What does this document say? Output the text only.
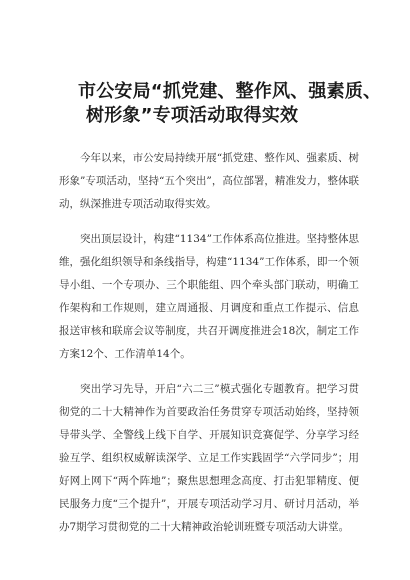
市公安局“抓党建、整作风、强素质、
树形象”专项活动取得实效

今年以来，市公安局持续开展“抓党建、整作风、强素质、树形象”专项活动，坚持“五个突出”，高位部署，精准发力，整体联动，纵深推进专项活动取得实效。

突出顶层设计，构建“1134”工作体系高位推进。坚持整体思维，强化组织领导和条线指导，构建“1134”工作体系，即一个领导小组、一个专项办、三个职能组、四个牵头部门联动，明确工作架构和工作规则，建立周通报、月调度和重点工作提示、信息报送审核和联席会议等制度，共召开调度推进会18次，制定工作方案12个、工作清单14个。

突出学习先导，开启“六二三”模式强化专题教育。把学习贯彻党的二十大精神作为首要政治任务贯穿专项活动始终，坚持领导带头学、全警线上线下自学、开展知识竞赛促学、分享学习经验互学、组织权威解读深学、立足工作实践固学“六学同步”；用好网上网下“两个阵地”；聚焦思想理念高度、打击犯罪精度、便民服务力度“三个提升”，开展专项活动学习月、研讨月活动，举办7期学习贯彻党的二十大精神政治轮训班暨专项活动大讲堂。
